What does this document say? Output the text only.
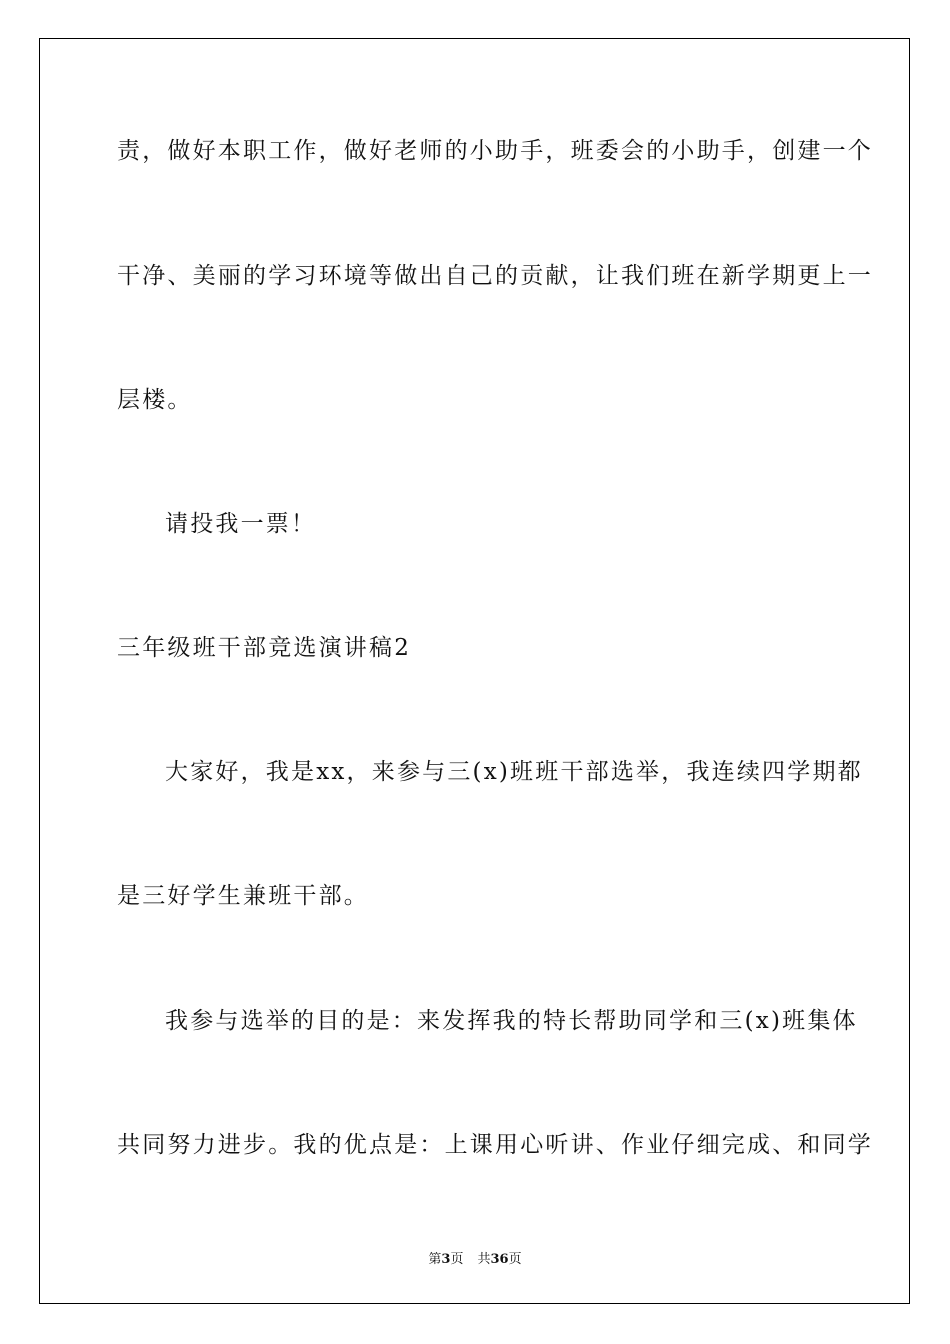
责，做好本职工作，做好老师的小助手，班委会的小助手，创建一个
干净、美丽的学习环境等做出自己的贡献，让我们班在新学期更上一
层楼。
请投我一票！
三年级班干部竞选演讲稿2
大家好，我是xx，来参与三(x)班班干部选举，我连续四学期都
是三好学生兼班干部。
我参与选举的目的是：来发挥我的特长帮助同学和三(x)班集体
共同努力进步。我的优点是：上课用心听讲、作业仔细完成、和同学
第3页 共36页
